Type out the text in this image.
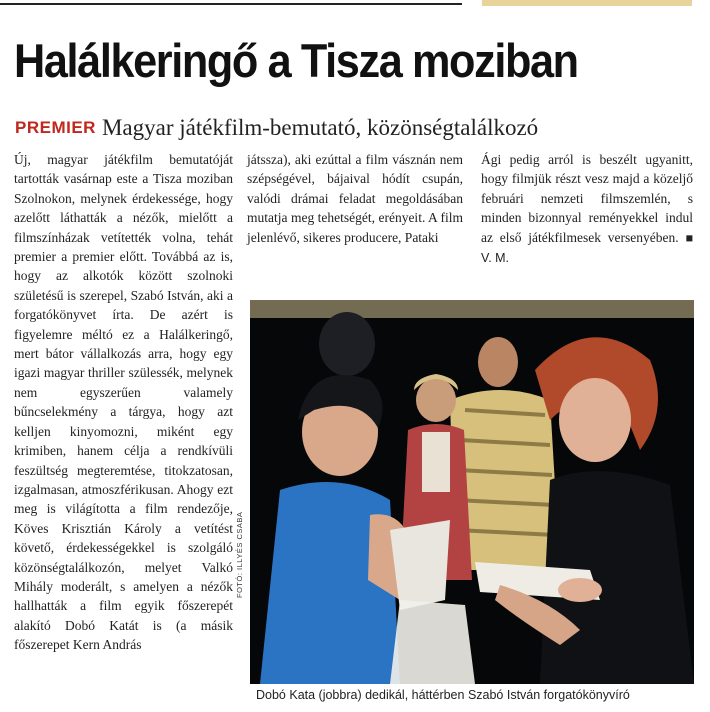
Halálkeringő a Tisza moziban
PREMIER Magyar játékfilm-bemutató, közönségtalálkozó

Új, magyar játékfilm bemutatóját tartották vasárnap este a Tisza moziban Szolnokon, melynek érdekessége, hogy azelőtt láthatták a nézők, mielőtt a filmszínházak vetítették volna, tehát premier a premier előtt. Továbbá az is, hogy az alkotók között szolnoki születésű is szerepel, Szabó István, aki a forgatókönyvet írta. De azért is figyelemre méltó ez a Halálkeringő, mert bátor vállalkozás arra, hogy egy igazi magyar thriller szülessék, melynek nem egyszerűen valamely bűncselekmény a tárgya, hogy azt kelljen kinyomozni, miként egy krimiben, hanem célja a rendkívüli feszültség megteremtése, titokzatosan, izgalmasan, atmoszférikusan. Ahogy ezt meg is világította a film rendezője, Köves Krisztián Károly a vetítést követő, érdekességekkel is szolgáló közönségtalálkozón, melyet Valkó Mihály moderált, s amelyen a nézők hallhatták a film egyik főszerepét alakító Dobó Katát is (a másik főszerepet Kern András

játssza), aki ezúttal a film vásznán nem szépségével, bájaival hódít csupán, valódi drámai feladat megoldásában mutatja meg tehetségét, erényeit. A film jelenlévő, sikeres producere, Pataki

Ági pedig arról is beszélt ugyanitt, hogy filmjük részt vesz majd a közeljő februári nemzeti filmszemlén, s minden bizonnyal reményekkel indul az első játékfilmesek versenyében. ■ V. M.

FOTÓ: ILLYÉS CSABA
Dobó Kata (jobbra) dedikál, háttérben Szabó István forgatókönyvíró
